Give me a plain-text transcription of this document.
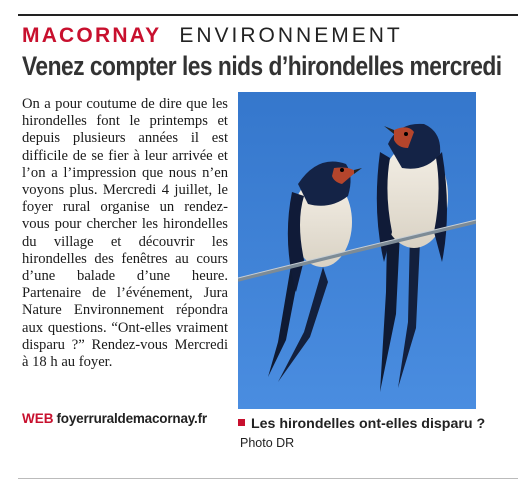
MACORNAY ENVIRONNEMENT
Venez compter les nids d’hirondelles mercredi

On a pour coutume de dire que les hirondelles font le printemps et depuis plusieurs années il est difficile de se fier à leur arrivée et l’on a l’impression que nous n’en voyons plus. Mercredi 4 juillet, le foyer rural organise un rendez-vous pour chercher les hirondelles du village et découvrir les hirondelles des fenêtres au cours d’une balade d’une heure. Partenaire de l’événement, Jura Nature Environnement répondra aux questions. “Ont-elles vraiment disparu ?” Rendez-vous Mercredi à 18 h au foyer.

WEB foyerruraldemacornay.fr	Les hirondelles ont-elles disparu ? Photo DR
